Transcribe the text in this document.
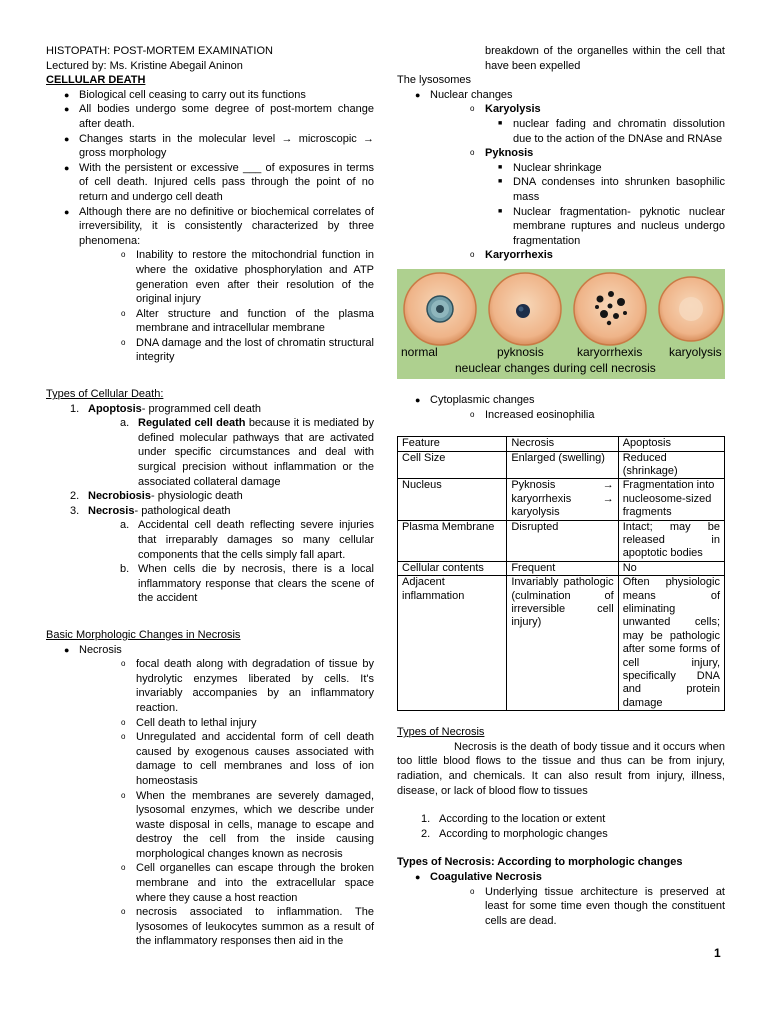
HISTOPATH: POST-MORTEM EXAMINATION

Lectured by: Ms. Kristine Abegail Aninon

CELLULAR DEATH

● Biological cell ceasing to carry out its functions
● All bodies undergo some degree of post-mortem change after death.
● Changes starts in the molecular level → microscopic → gross morphology
● With the persistent or excessive ___ of exposures in terms of cell death. Injured cells pass through the point of no return and undergo cell death
● Although there are no definitive or biochemical correlates of irreversibility, it is consistently characterized by three phenomena:
o Inability to restore the mitochondrial function in where the oxidative phosphorylation and ATP generation even after their resolution of the original injury
o Alter structure and function of the plasma membrane and intracellular membrane
o DNA damage and the lost of chromatin structural integrity

Types of Cellular Death:

1. Apoptosis- programmed cell death
a. Regulated cell death because it is mediated by defined molecular pathways that are activated under specific circumstances and deal with surgical precision without inflammation or the associated collateral damage
2. Necrobiosis- physiologic death
3. Necrosis- pathological death
a. Accidental cell death reflecting severe injuries that irreparably damages so many cellular components that the cells simply fall apart.
b. When cells die by necrosis, there is a local inflammatory response that clears the scene of the accident

Basic Morphologic Changes in Necrosis

● Necrosis
o focal death along with degradation of tissue by hydrolytic enzymes liberated by cells. It's invariably accompanies by an inflammatory reaction.
o Cell death to lethal injury
o Unregulated and accidental form of cell death caused by exogenous causes associated with damage to cell membranes and loss of ion homeostasis
o When the membranes are severely damaged, lysosomal enzymes, which we describe under waste disposal in cells, manage to escape and destroy the cell from the inside causing morphological changes known as necrosis
o Cell organelles can escape through the broken membrane and into the extracellular space where they cause a host reaction
o necrosis associated to inflammation. The lysosomes of leukocytes summon as a result of the inflammatory responses then aid in the

breakdown of the organelles within the cell that have been expelled

The lysosomes

● Nuclear changes
o Karyolysis
■ nuclear fading and chromatin dissolution due to the action of the DNAse and RNAse
o Pyknosis
■ Nuclear shrinkage
■ DNA condenses into shrunken basophilic mass
■ Nuclear fragmentation- pyknotic nuclear membrane ruptures and nucleus undergo fragmentation
o Karyorrhexis
normal	pyknosis	karyorrhexis karyolysis
neuclear changes during cell necrosis
● Cytoplasmic changes
o Increased eosinophilia
Feature	Necrosis	Apoptosis
Cell Size	Enlarged (swelling)	Reduced (shrinkage)
Nucleus	Pyknosis →
karyorrhexis →
karyolysis	Fragmentation into nucleosome-sized fragments
Plasma Membrane	Disrupted	Intact; may be released in apoptotic bodies
Cellular contents	Frequent	No
Adjacent inflammation	Invariably pathologic (culmination of irreversible cell injury)	Often physiologic means of eliminating unwanted cells; may be pathologic after some forms of cell injury, specifically DNA and protein damage

Types of Necrosis

Necrosis is the death of body tissue and it occurs when too little blood flows to the tissue and thus can be from injury, radiation, and chemicals. It can also result from injury, illness, disease, or lack of blood flow to tissues

1. According to the location or extent
2. According to morphologic changes

Types of Necrosis: According to morphologic changes

● Coagulative Necrosis
o Underlying tissue architecture is preserved at least for some time even though the constituent cells are dead.
1
